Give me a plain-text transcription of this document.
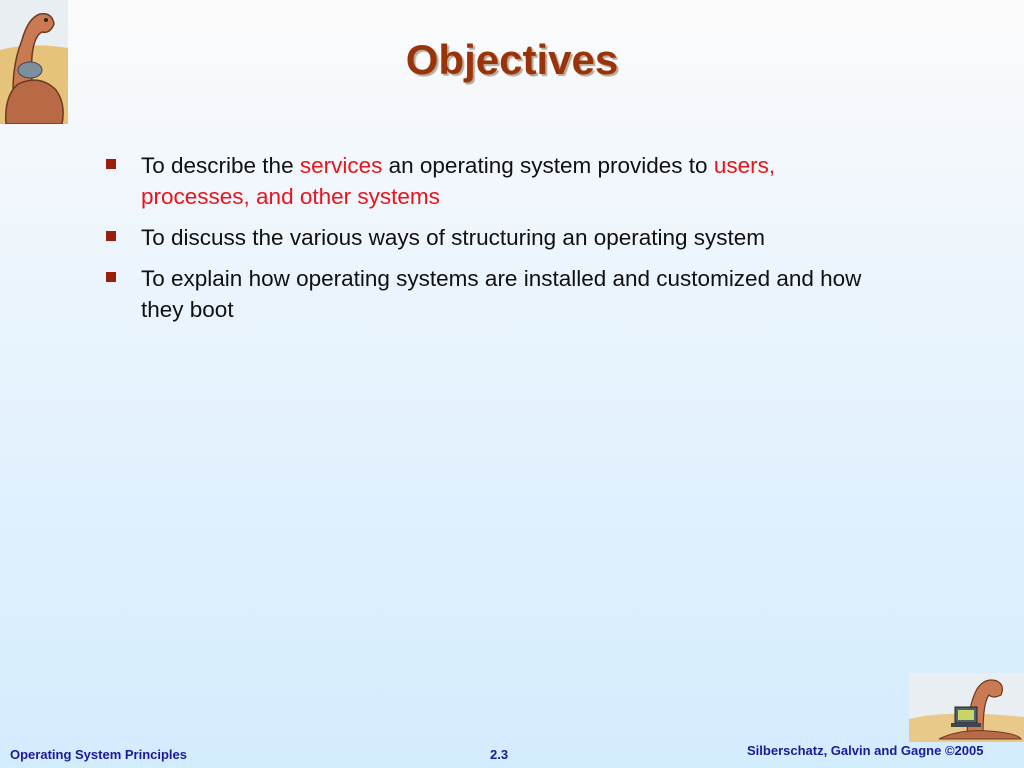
Objectives
To describe the services an operating system provides to users, processes, and other systems
To discuss the various ways of structuring an operating system
To explain how operating systems are installed and customized and how they boot
Operating System Principles	2.3	Silberschatz, Galvin and Gagne ©2005
